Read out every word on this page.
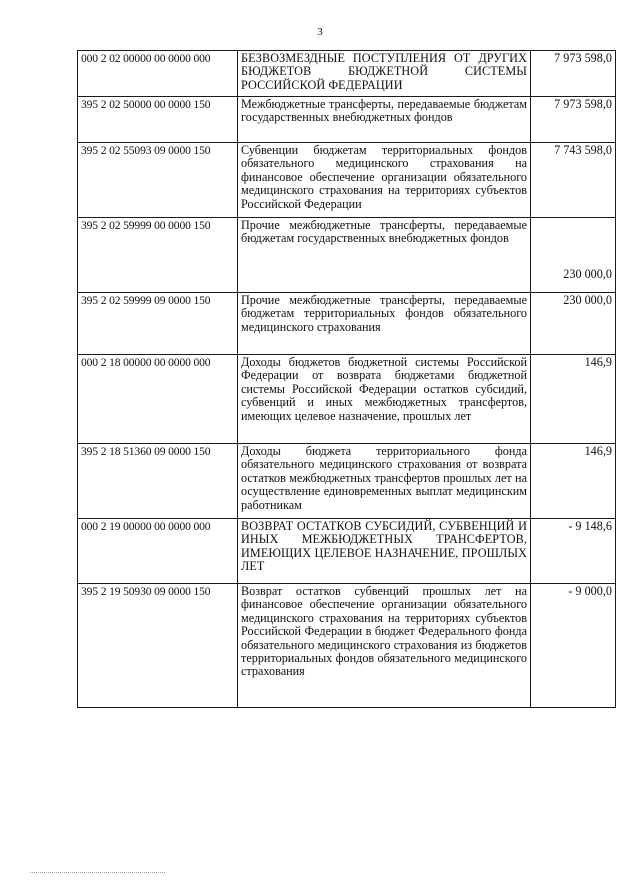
3
000 2 02 00000 00 0000 000	БЕЗВОЗМЕЗДНЫЕ ПОСТУПЛЕНИЯ ОТ ДРУГИХ БЮДЖЕТОВ БЮДЖЕТНОЙ СИСТЕМЫ РОССИЙСКОЙ ФЕДЕРАЦИИ	7 973 598,0
395 2 02 50000 00 0000 150	Межбюджетные трансферты, передаваемые бюджетам государственных внебюджетных фондов	7 973 598,0
395 2 02 55093 09 0000 150	Субвенции бюджетам территориальных фондов обязательного медицинского страхования на финансовое обеспечение организации обязательного медицинского страхования на территориях субъектов Российской Федерации	7 743 598,0
395 2 02 59999 00 0000 150	Прочие межбюджетные трансферты, передаваемые бюджетам государственных внебюджетных фондов	230 000,0
395 2 02 59999 09 0000 150	Прочие межбюджетные трансферты, передаваемые бюджетам территориальных фондов обязательного медицинского страхования	230 000,0
000 2 18 00000 00 0000 000	Доходы бюджетов бюджетной системы Российской Федерации от возврата бюджетами бюджетной системы Российской Федерации остатков субсидий, субвенций и иных межбюджетных трансфертов, имеющих целевое назначение, прошлых лет	146,9
395 2 18 51360 09 0000 150	Доходы бюджета территориального фонда обязательного медицинского страхования от возврата остатков межбюджетных трансфертов прошлых лет на осуществление единовременных выплат медицинским работникам	146,9
000 2 19 00000 00 0000 000	ВОЗВРАТ ОСТАТКОВ СУБСИДИЙ, СУБВЕНЦИЙ И ИНЫХ МЕЖБЮДЖЕТНЫХ ТРАНСФЕРТОВ, ИМЕЮЩИХ ЦЕЛЕВОЕ НАЗНАЧЕНИЕ, ПРОШЛЫХ ЛЕТ	- 9 148,6
395 2 19 50930 09 0000 150	Возврат остатков субвенций прошлых лет на финансовое обеспечение организации обязательного медицинского страхования на территориях субъектов Российской Федерации в бюджет Федерального фонда обязательного медицинского страхования из бюджетов территориальных фондов обязательного медицинского страхования	- 9 000,0
